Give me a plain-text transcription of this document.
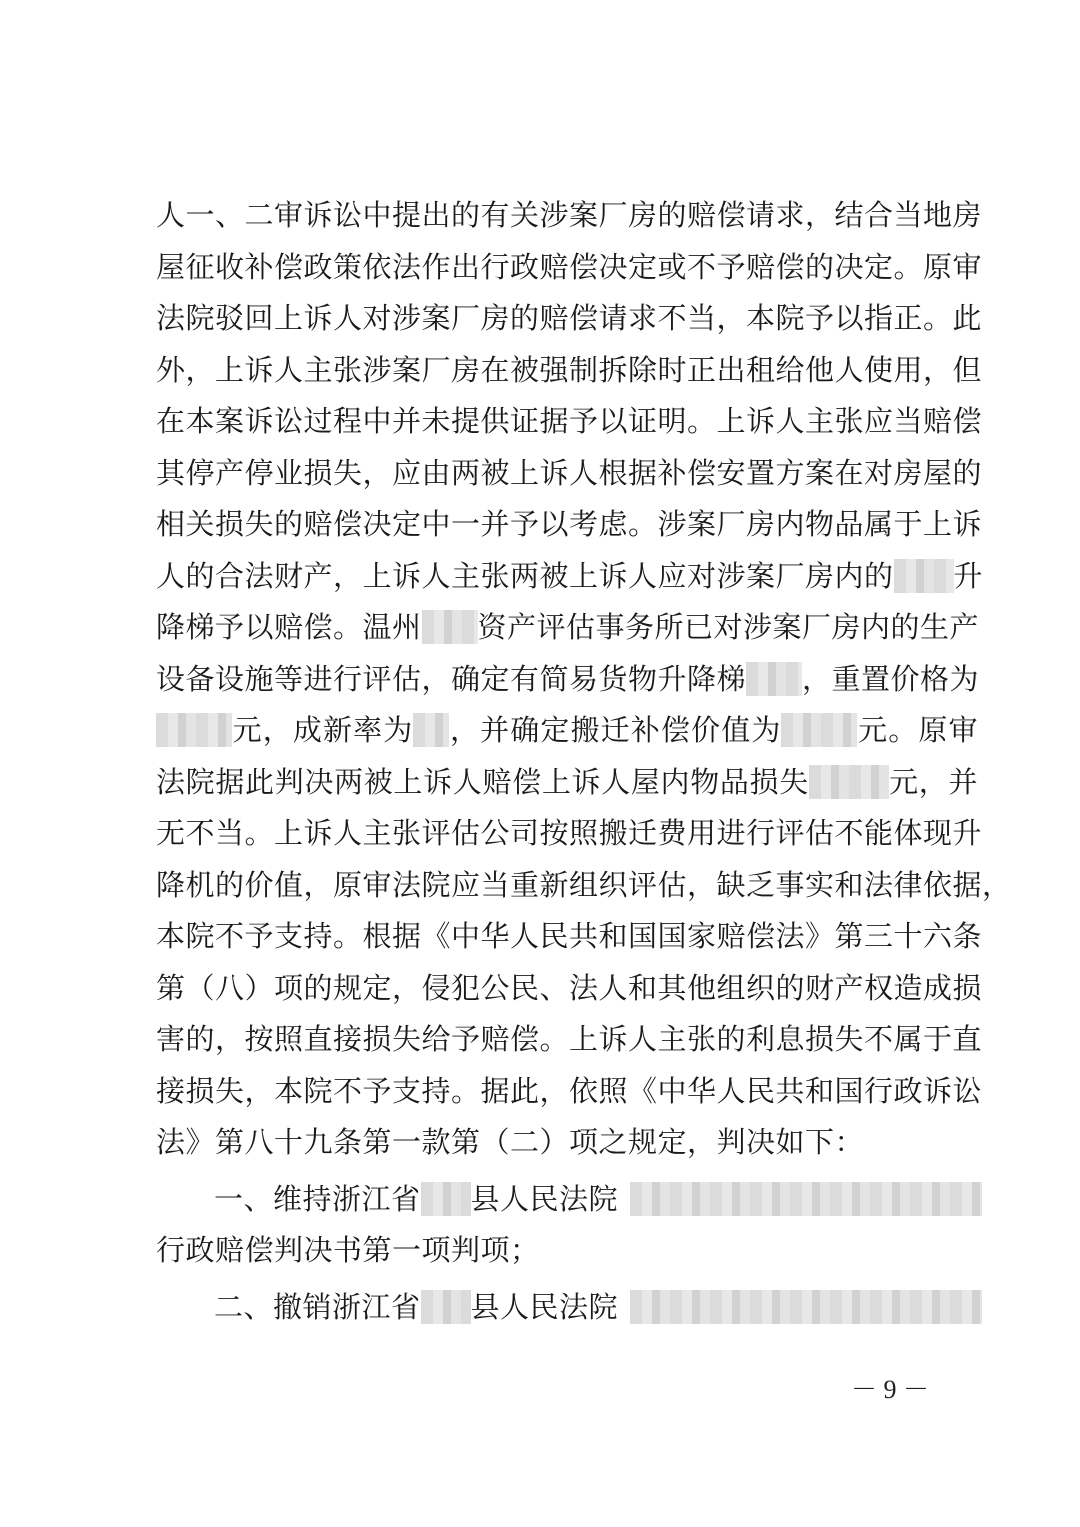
人一、二审诉讼中提出的有关涉案厂房的赔偿请求，结合当地房
屋征收补偿政策依法作出行政赔偿决定或不予赔偿的决定。原审
法院驳回上诉人对涉案厂房的赔偿请求不当，本院予以指正。此
外，上诉人主张涉案厂房在被强制拆除时正出租给他人使用，但
在本案诉讼过程中并未提供证据予以证明。上诉人主张应当赔偿
其停产停业损失，应由两被上诉人根据补偿安置方案在对房屋的
相关损失的赔偿决定中一并予以考虑。涉案厂房内物品属于上诉
人的合法财产，上诉人主张两被上诉人应对涉案厂房内的 升
降梯予以赔偿。温州 资产评估事务所已对涉案厂房内的生产
设备设施等进行评估，确定有简易货物升降梯 ，重置价格为
元，成新率为 ，并确定搬迁补偿价值为	元。原审
法院据此判决两被上诉人赔偿上诉人屋内物品损失	元，并
无不当。上诉人主张评估公司按照搬迁费用进行评估不能体现升
降机的价值，原审法院应当重新组织评估，缺乏事实和法律依据，
本院不予支持。根据《中华人民共和国国家赔偿法》第三十六条
第（八）项的规定，侵犯公民、法人和其他组织的财产权造成损
害的，按照直接损失给予赔偿。上诉人主张的利息损失不属于直
接损失，本院不予支持。据此，依照《中华人民共和国行政诉讼
法》第八十九条第一款第（二）项之规定，判决如下：
一、维持浙江省 县人民法院
行政赔偿判决书第一项判项；
二、撤销浙江省 县人民法院
－ 9 －
